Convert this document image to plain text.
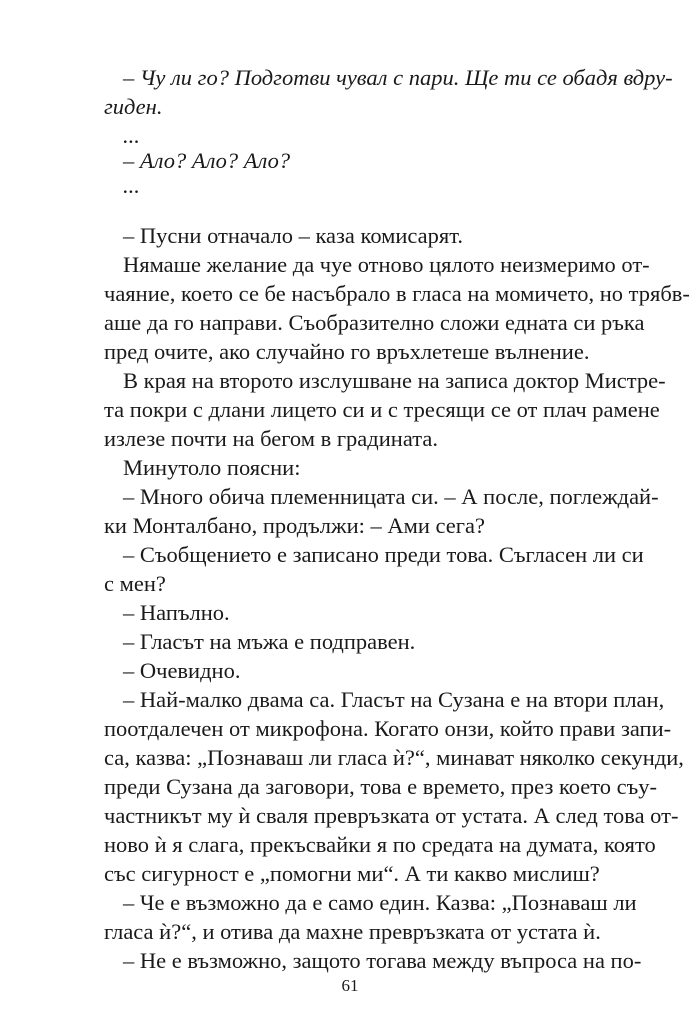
– Чу ли го? Подготви чувал с пари. Ще ти се обадя вдру-
гиден.
...
– Ало? Ало? Ало?
...
– Пусни отначало – каза комисарят.
Нямаше желание да чуе отново цялото неизмеримо от-
чаяние, което се бе насъбрало в гласа на момичето, но трябв-
аше да го направи. Съобразително сложи едната си ръка
пред очите, ако случайно го връхлетеше вълнение.
В края на второто изслушване на записа доктор Мистре-
та покри с длани лицето си и с тресящи се от плач рамене
излезе почти на бегом в градината.
Минутоло поясни:
– Много обича племенницата си. – А после, поглеждай-
ки Монталбано, продължи: – Ами сега?
– Съобщението е записано преди това. Съгласен ли си
с мен?
– Напълно.
– Гласът на мъжа е подправен.
– Очевидно.
– Най-малко двама са. Гласът на Сузана е на втори план,
поотдалечен от микрофона. Когато онзи, който прави запи-
са, казва: „Познаваш ли гласа ѝ?“, минават няколко секунди,
преди Сузана да заговори, това е времето, през което съу-
частникът му ѝ сваля превръзката от устата. А след това от-
ново ѝ я слага, прекъсвайки я по средата на думата, която
със сигурност е „помогни ми“. А ти какво мислиш?
– Че е възможно да е само един. Казва: „Познаваш ли
гласа ѝ?“, и отива да махне превръзката от устата ѝ.
– Не е възможно, защото тогава между въпроса на по-
61
